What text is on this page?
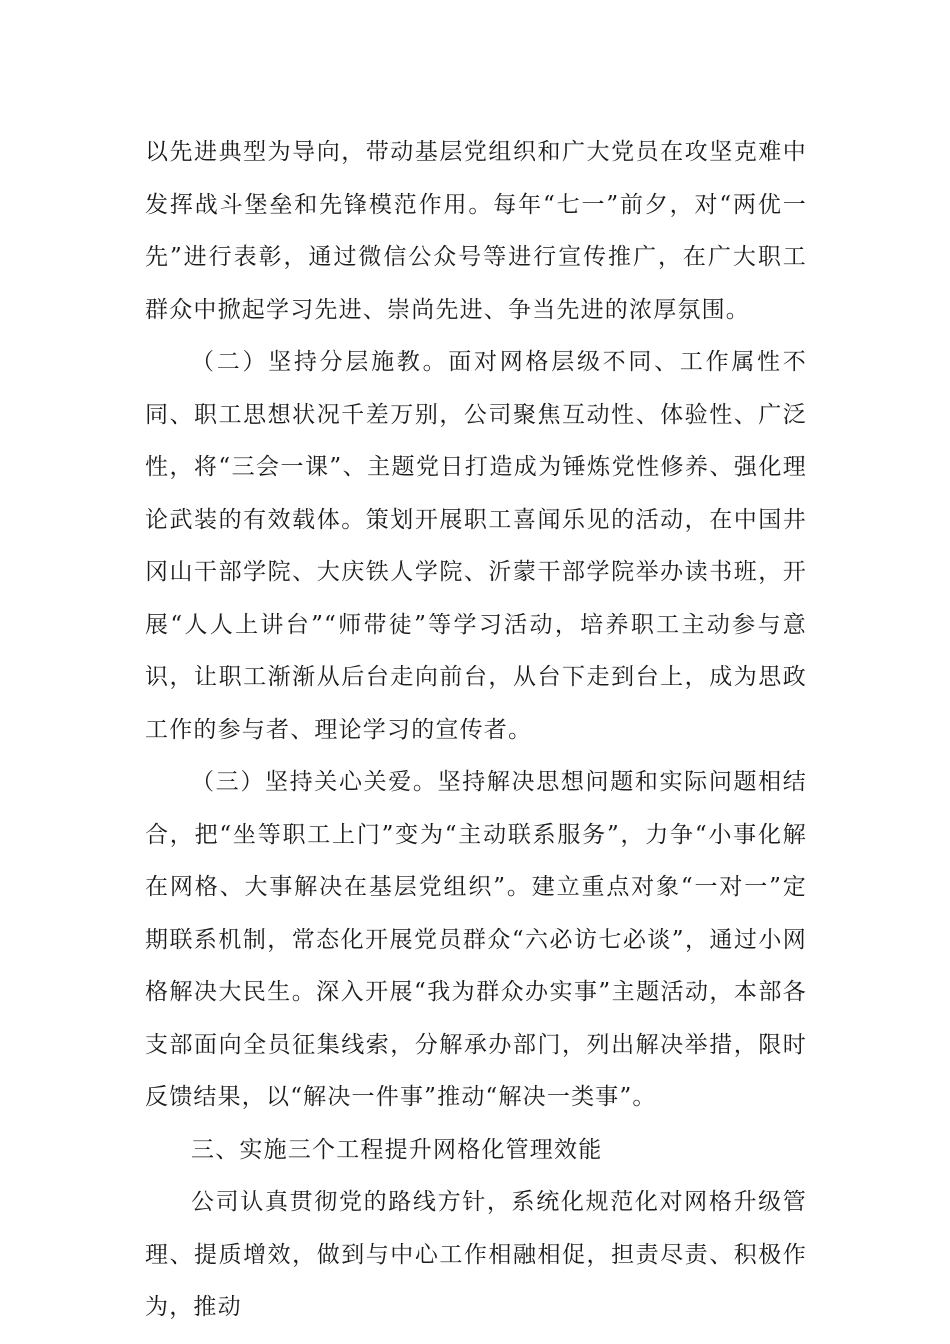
以先进典型为导向，带动基层党组织和广大党员在攻坚克难中发挥战斗堡垒和先锋模范作用。每年“七一”前夕，对“两优一先”进行表彰，通过微信公众号等进行宣传推广，在广大职工群众中掀起学习先进、崇尚先进、争当先进的浓厚氛围。

（二）坚持分层施教。面对网格层级不同、工作属性不同、职工思想状况千差万别，公司聚焦互动性、体验性、广泛性，将“三会一课”、主题党日打造成为锤炼党性修养、强化理论武装的有效载体。策划开展职工喜闻乐见的活动，在中国井冈山干部学院、大庆铁人学院、沂蒙干部学院举办读书班，开展“人人上讲台”“师带徒”等学习活动，培养职工主动参与意识，让职工渐渐从后台走向前台，从台下走到台上，成为思政工作的参与者、理论学习的宣传者。

（三）坚持关心关爱。坚持解决思想问题和实际问题相结合，把“坐等职工上门”变为“主动联系服务”，力争“小事化解在网格、大事解决在基层党组织”。建立重点对象“一对一”定期联系机制，常态化开展党员群众“六必访七必谈”，通过小网格解决大民生。深入开展“我为群众办实事”主题活动，本部各支部面向全员征集线索，分解承办部门，列出解决举措，限时反馈结果，以“解决一件事”推动“解决一类事”。

三、实施三个工程提升网格化管理效能

公司认真贯彻党的路线方针，系统化规范化对网格升级管理、提质增效，做到与中心工作相融相促，担责尽责、积极作为，推动
